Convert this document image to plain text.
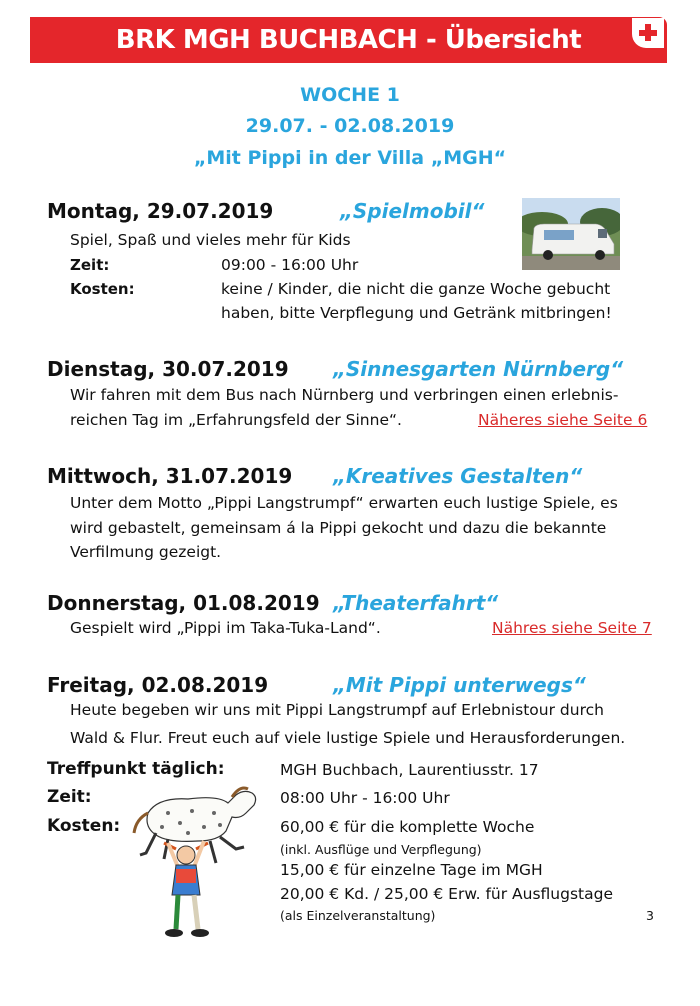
BRK MGH BUCHBACH - Übersicht
WOCHE 1
29.07. - 02.08.2019
„Mit Pippi in der Villa „MGH“
Montag, 29.07.2019	„Spielmobil“
Spiel, Spaß und vieles mehr für Kids
Zeit:	09:00 - 16:00 Uhr
Kosten:	keine / Kinder, die nicht die ganze Woche gebucht
haben, bitte Verpflegung und Getränk mitbringen!
Dienstag, 30.07.2019 „Sinnesgarten Nürnberg“
Wir fahren mit dem Bus nach Nürnberg und verbringen einen erlebnis-
reichen Tag im „Erfahrungsfeld der Sinne“.	Näheres siehe Seite 6
Mittwoch, 31.07.2019 „Kreatives Gestalten“
Unter dem Motto „Pippi Langstrumpf“ erwarten euch lustige Spiele, es
wird gebastelt, gemeinsam á la Pippi gekocht und dazu die bekannte
Verfilmung gezeigt.
Donnerstag, 01.08.2019 „Theaterfahrt“
Gespielt wird „Pippi im Taka-Tuka-Land“.	Nähres siehe Seite 7
Freitag, 02.08.2019	„Mit Pippi unterwegs“
Heute begeben wir uns mit Pippi Langstrumpf auf Erlebnistour durch
Wald & Flur. Freut euch auf viele lustige Spiele und Herausforderungen.
Treffpunkt täglich:	MGH Buchbach, Laurentiusstr. 17
Zeit:	08:00 Uhr - 16:00 Uhr
Kosten:	60,00 € für die komplette Woche
(inkl. Ausflüge und Verpflegung)
15,00 € für einzelne Tage im MGH
20,00 € Kd. / 25,00 € Erw. für Ausflugstage
(als Einzelveranstaltung)	3
